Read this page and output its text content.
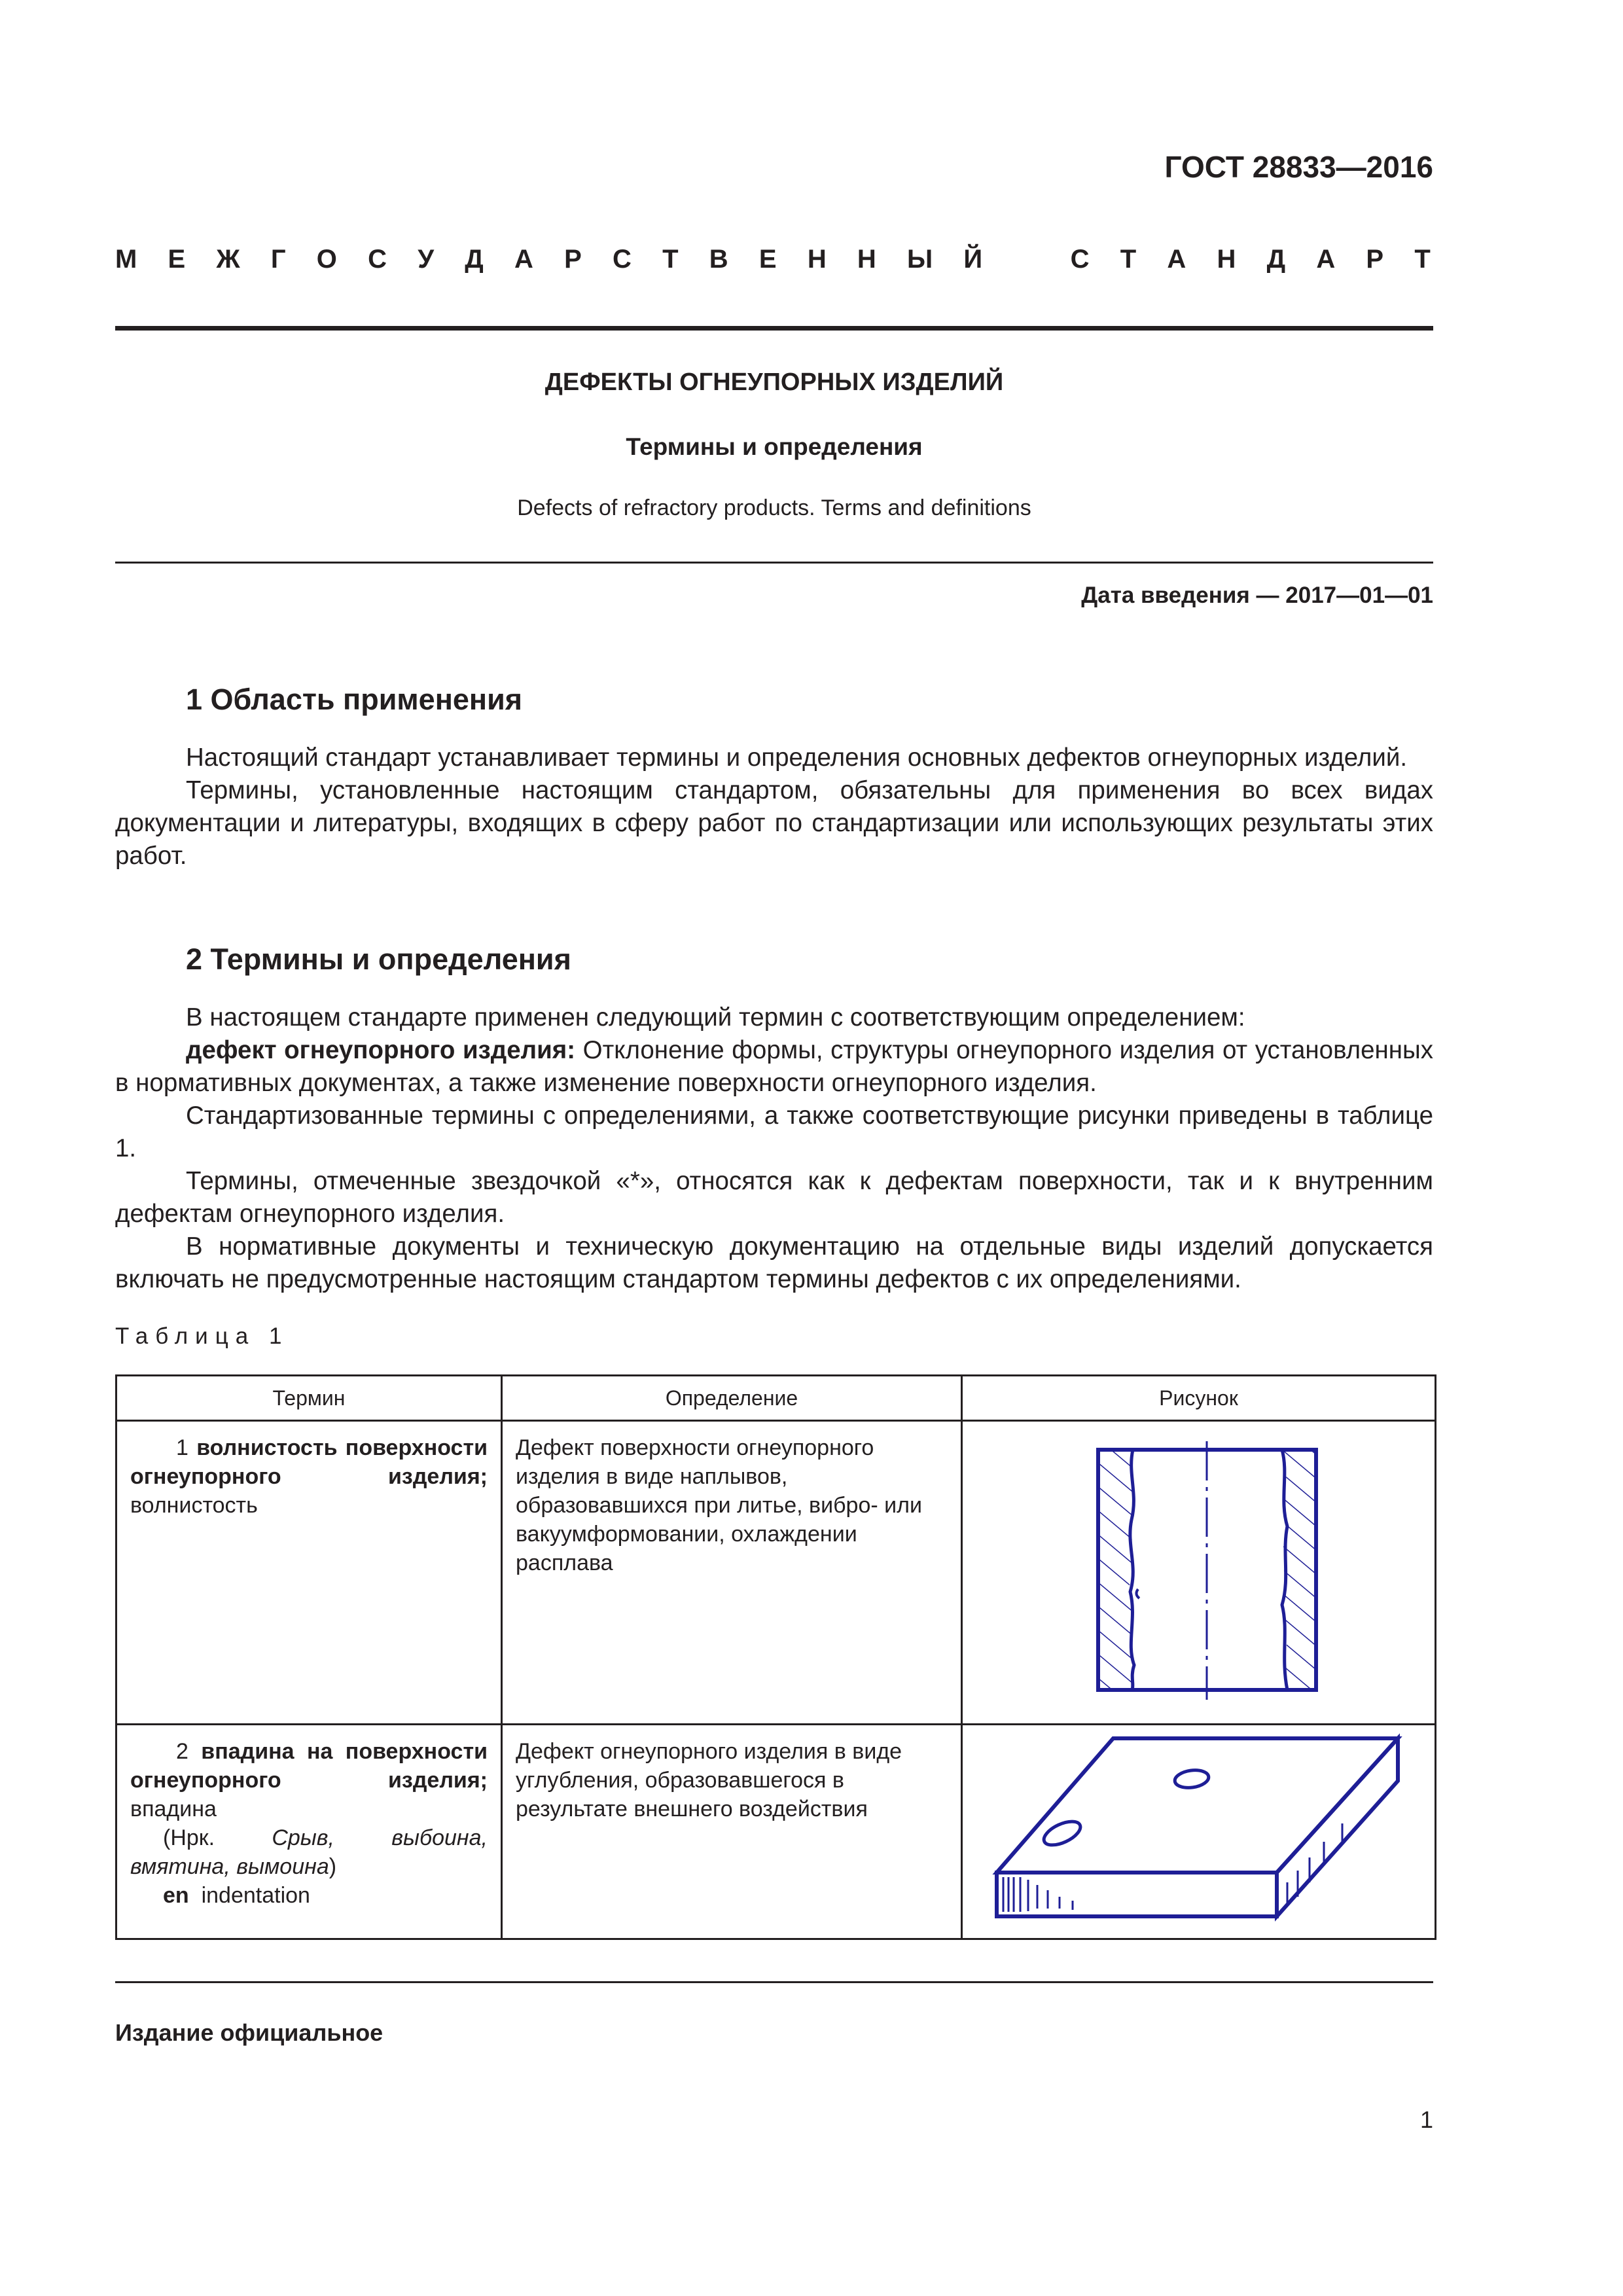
ГОСТ 28833—2016
М Е Ж Г О С У Д А Р С Т В Е Н Н Ы Й	С Т А Н Д А Р Т
ДЕФЕКТЫ ОГНЕУПОРНЫХ ИЗДЕЛИЙ
Термины и определения
Defects of refractory products. Terms and definitions
Дата введения — 2017—01—01
1 Область применения

Настоящий стандарт устанавливает термины и определения основных дефектов огнеупорных изделий.

Термины, установленные настоящим стандартом, обязательны для применения во всех видах документации и литературы, входящих в сферу работ по стандартизации или использующих результаты этих работ.

2 Термины и определения

В настоящем стандарте применен следующий термин с соответствующим определением:

дефект огнеупорного изделия: Отклонение формы, структуры огнеупорного изделия от установленных в нормативных документах, а также изменение поверхности огнеупорного изделия.

Стандартизованные термины с определениями, а также соответствующие рисунки приведены в таблице 1.

Термины, отмеченные звездочкой «*», относятся как к дефектам поверхности, так и к внутренним дефектам огнеупорного изделия.

В нормативные документы и техническую документацию на отдельные виды изделий допускается включать не предусмотренные настоящим стандартом термины дефектов с их определениями.

Таблица 1
Термин	Определение	Рисунок

1 волнистость поверхности огнеупорного изделия;
волнистость	Дефект поверхности огнеупорного изделия в виде наплывов, образовавшихся при литье, вибро- или вакуумформовании, охлаждении расплава

2 впадина на поверхности огнеупорного изделия;
впадина
(Нрк. Срыв, выбоина, вмятина, вымоина)
en indentation	Дефект огнеупорного изделия в виде углубления, образовавшегося в результате внешнего воздействия

Издание официальное
1
